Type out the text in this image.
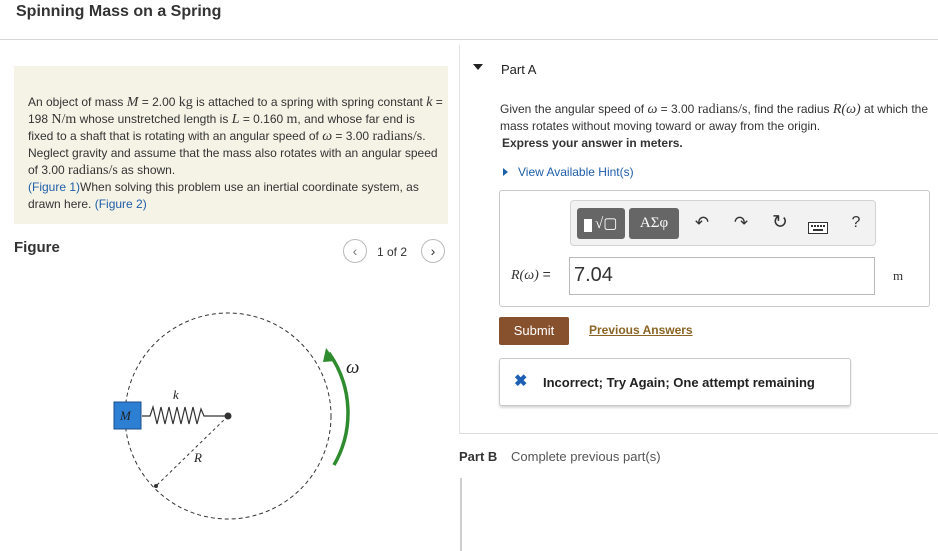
Spinning Mass on a Spring
An object of mass M = 2.00 kg is attached to a spring with spring constant k = 198 N/m whose unstretched length is L = 0.160 m, and whose far end is fixed to a shaft that is rotating with an angular speed of ω = 3.00 radians/s. Neglect gravity and assume that the mass also rotates with an angular speed of 3.00 radians/s as shown.
(Figure 1)When solving this problem use an inertial coordinate system, as drawn here. (Figure 2)
Figure	‹	1 of 2	›
M
k
R
ω
Part A
Given the angular speed of ω = 3.00 radians/s, find the radius R(ω) at which the mass rotates without moving toward or away from the origin.
Express your answer in meters.
View Available Hint(s)
√▢	ΑΣφ	↶ ↷ ↻	?
R(ω) = 7.04	m
Submit	Previous Answers
✖ Incorrect; Try Again; One attempt remaining
Part B Complete previous part(s)
